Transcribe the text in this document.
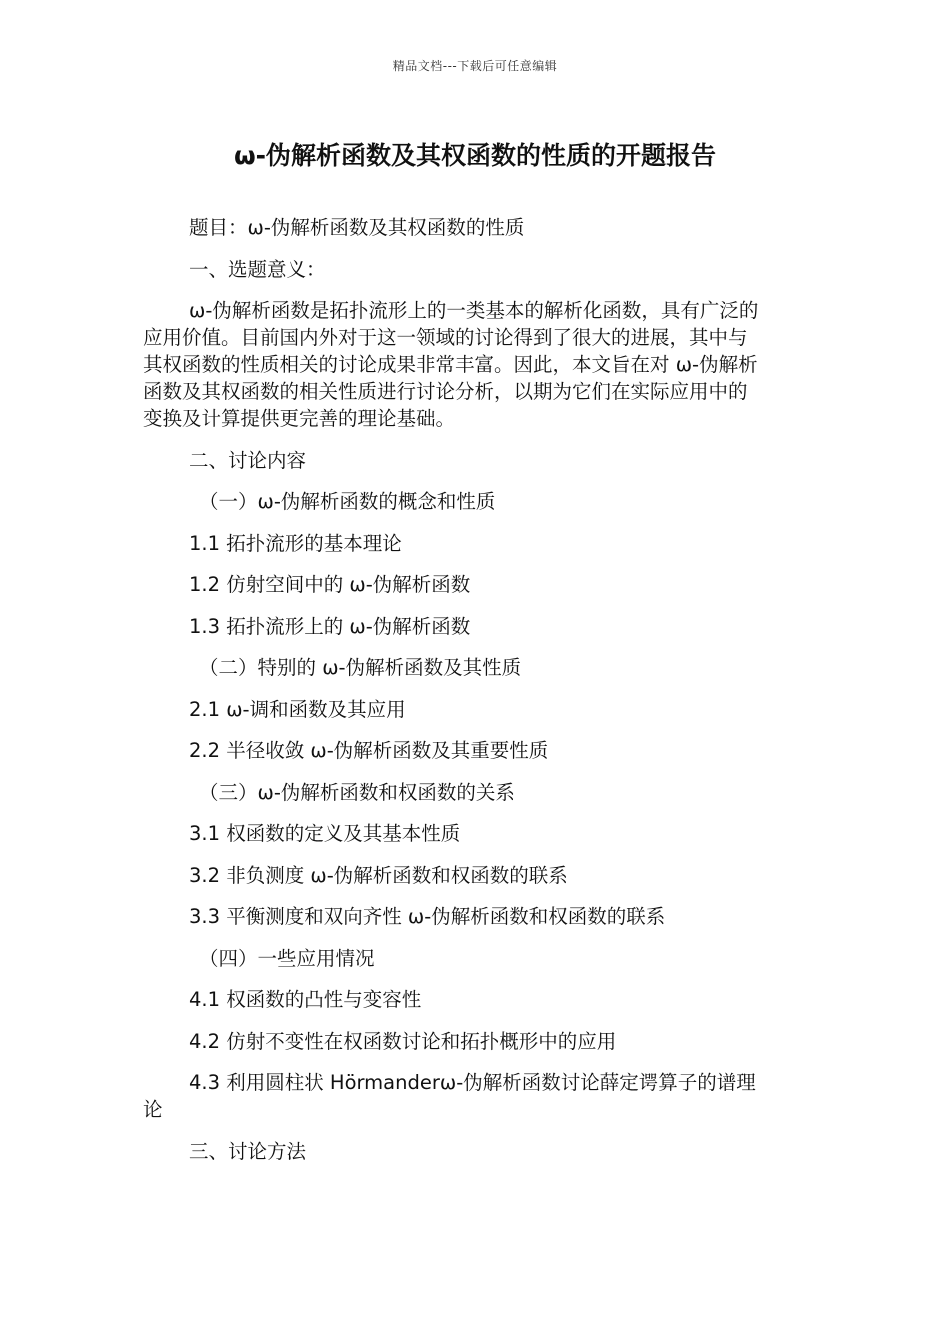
精品文档---下载后可任意编辑
ω-伪解析函数及其权函数的性质的开题报告

题目：ω-伪解析函数及其权函数的性质

一、选题意义：

ω-伪解析函数是拓扑流形上的一类基本的解析化函数，具有广泛的
应用价值。目前国内外对于这一领域的讨论得到了很大的进展，其中与
其权函数的性质相关的讨论成果非常丰富。因此，本文旨在对 ω-伪解析
函数及其权函数的相关性质进行讨论分析，以期为它们在实际应用中的
变换及计算提供更完善的理论基础。

二、讨论内容

（一）ω-伪解析函数的概念和性质

1.1 拓扑流形的基本理论

1.2 仿射空间中的 ω-伪解析函数

1.3 拓扑流形上的 ω-伪解析函数

（二）特别的 ω-伪解析函数及其性质

2.1 ω-调和函数及其应用

2.2 半径收敛 ω-伪解析函数及其重要性质

（三）ω-伪解析函数和权函数的关系

3.1 权函数的定义及其基本性质

3.2 非负测度 ω-伪解析函数和权函数的联系

3.3 平衡测度和双向齐性 ω-伪解析函数和权函数的联系

（四）一些应用情况

4.1 权函数的凸性与变容性

4.2 仿射不变性在权函数讨论和拓扑概形中的应用

4.3 利用圆柱状 Hörmanderω-伪解析函数讨论薛定谔算子的谱理
论

三、讨论方法
